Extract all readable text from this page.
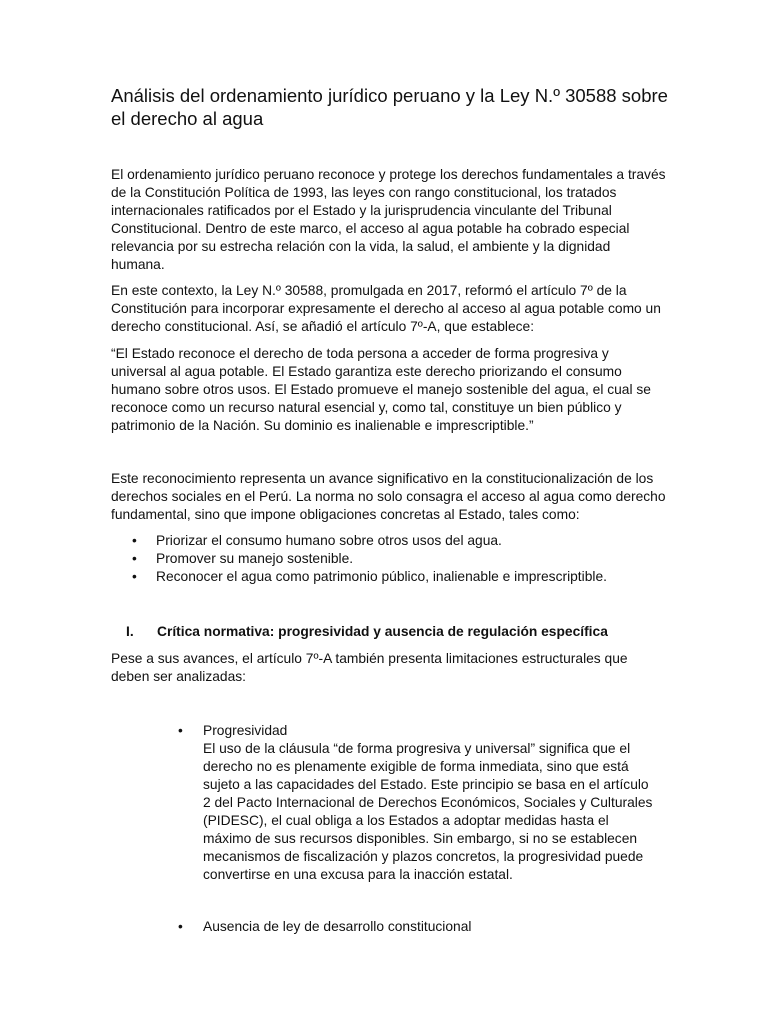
Análisis del ordenamiento jurídico peruano y la Ley N.º 30588 sobre el derecho al agua

El ordenamiento jurídico peruano reconoce y protege los derechos fundamentales a través de la Constitución Política de 1993, las leyes con rango constitucional, los tratados internacionales ratificados por el Estado y la jurisprudencia vinculante del Tribunal Constitucional. Dentro de este marco, el acceso al agua potable ha cobrado especial relevancia por su estrecha relación con la vida, la salud, el ambiente y la dignidad humana.

En este contexto, la Ley N.º 30588, promulgada en 2017, reformó el artículo 7º de la Constitución para incorporar expresamente el derecho al acceso al agua potable como un derecho constitucional. Así, se añadió el artículo 7º-A, que establece:

“El Estado reconoce el derecho de toda persona a acceder de forma progresiva y universal al agua potable. El Estado garantiza este derecho priorizando el consumo humano sobre otros usos. El Estado promueve el manejo sostenible del agua, el cual se reconoce como un recurso natural esencial y, como tal, constituye un bien público y patrimonio de la Nación. Su dominio es inalienable e imprescriptible.”

Este reconocimiento representa un avance significativo en la constitucionalización de los derechos sociales en el Perú. La norma no solo consagra el acceso al agua como derecho fundamental, sino que impone obligaciones concretas al Estado, tales como:

• Priorizar el consumo humano sobre otros usos del agua.
• Promover su manejo sostenible.
• Reconocer el agua como patrimonio público, inalienable e imprescriptible.
I. Crítica normativa: progresividad y ausencia de regulación específica

Pese a sus avances, el artículo 7º-A también presenta limitaciones estructurales que deben ser analizadas:

• Progresividad
El uso de la cláusula “de forma progresiva y universal” significa que el derecho no es plenamente exigible de forma inmediata, sino que está sujeto a las capacidades del Estado. Este principio se basa en el artículo 2 del Pacto Internacional de Derechos Económicos, Sociales y Culturales (PIDESC), el cual obliga a los Estados a adoptar medidas hasta el máximo de sus recursos disponibles. Sin embargo, si no se establecen mecanismos de fiscalización y plazos concretos, la progresividad puede convertirse en una excusa para la inacción estatal.
• Ausencia de ley de desarrollo constitucional
